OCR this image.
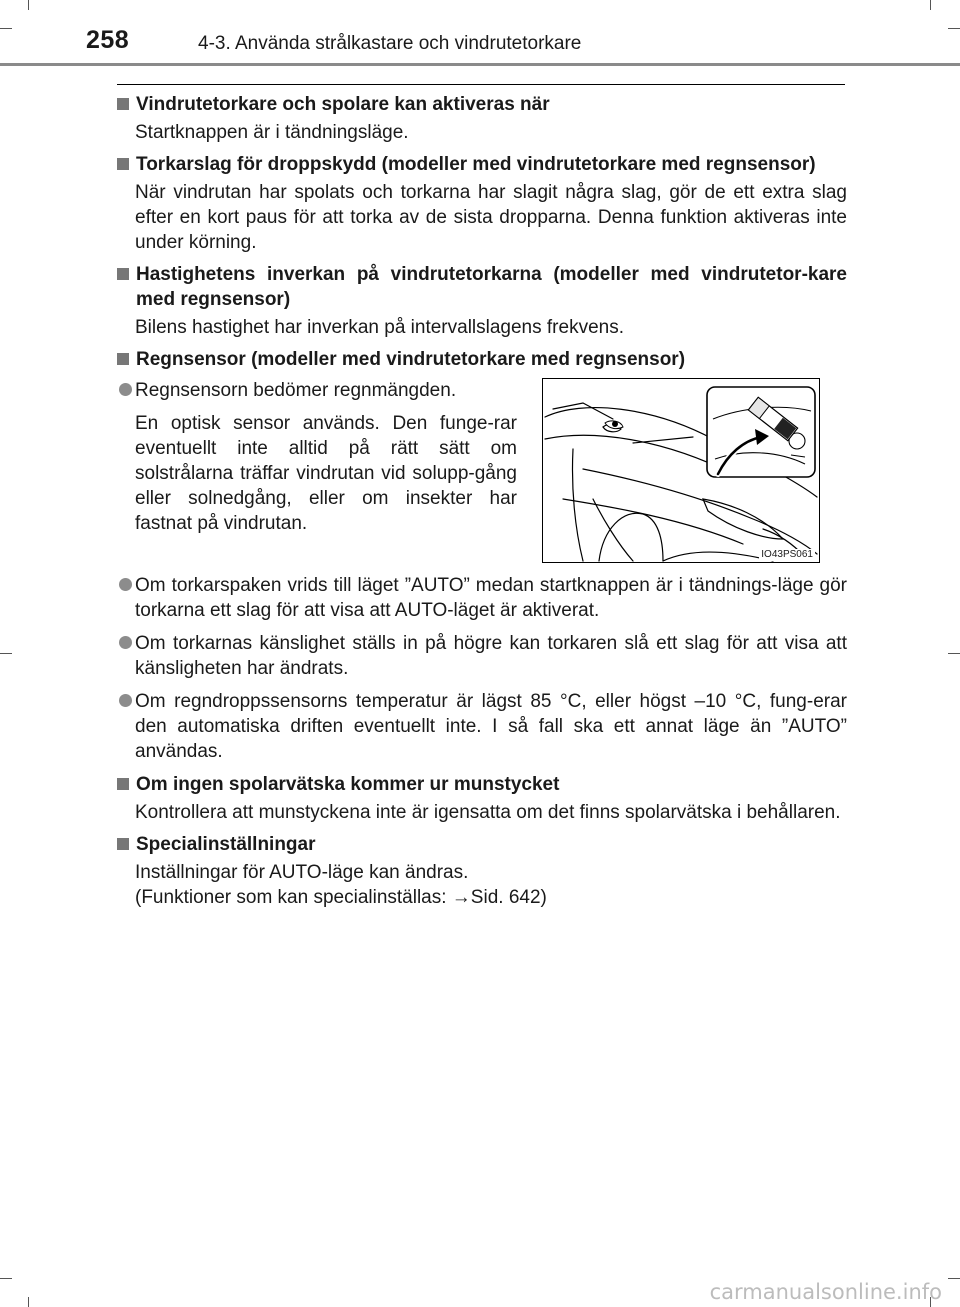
258	4-3. Använda strålkastare och vindrutetorkare
Vindrutetorkare och spolare kan aktiveras när
Startknappen är i tändningsläge.
Torkarslag för droppskydd (modeller med vindrutetorkare med regnsensor)
När vindrutan har spolats och torkarna har slagit några slag, gör de ett extra slag efter en kort paus för att torka av de sista dropparna. Denna funktion aktiveras inte under körning.
Hastighetens inverkan på vindrutetorkarna (modeller med vindrutetor-kare med regnsensor)
Bilens hastighet har inverkan på intervallslagens frekvens.
Regnsensor (modeller med vindrutetorkare med regnsensor)
Regnsensorn bedömer regnmängden.
En optisk sensor används. Den funge-rar eventuellt inte alltid på rätt sätt om solstrålarna träffar vindrutan vid solupp-gång eller solnedgång, eller om insekter har fastnat på vindrutan.
IO43PS061
Om torkarspaken vrids till läget ”AUTO” medan startknappen är i tändnings-läge gör torkarna ett slag för att visa att AUTO-läget är aktiverat.
Om torkarnas känslighet ställs in på högre kan torkaren slå ett slag för att visa att känsligheten har ändrats.
Om regndroppssensorns temperatur är lägst 85 °C, eller högst –10 °C, fung-erar den automatiska driften eventuellt inte. I så fall ska ett annat läge än ”AUTO” användas.
Om ingen spolarvätska kommer ur munstycket
Kontrollera att munstyckena inte är igensatta om det finns spolarvätska i behållaren.
Specialinställningar
Inställningar för AUTO-läge kan ändras.
(Funktioner som kan specialinställas: →Sid. 642)
carmanualsonline.info
